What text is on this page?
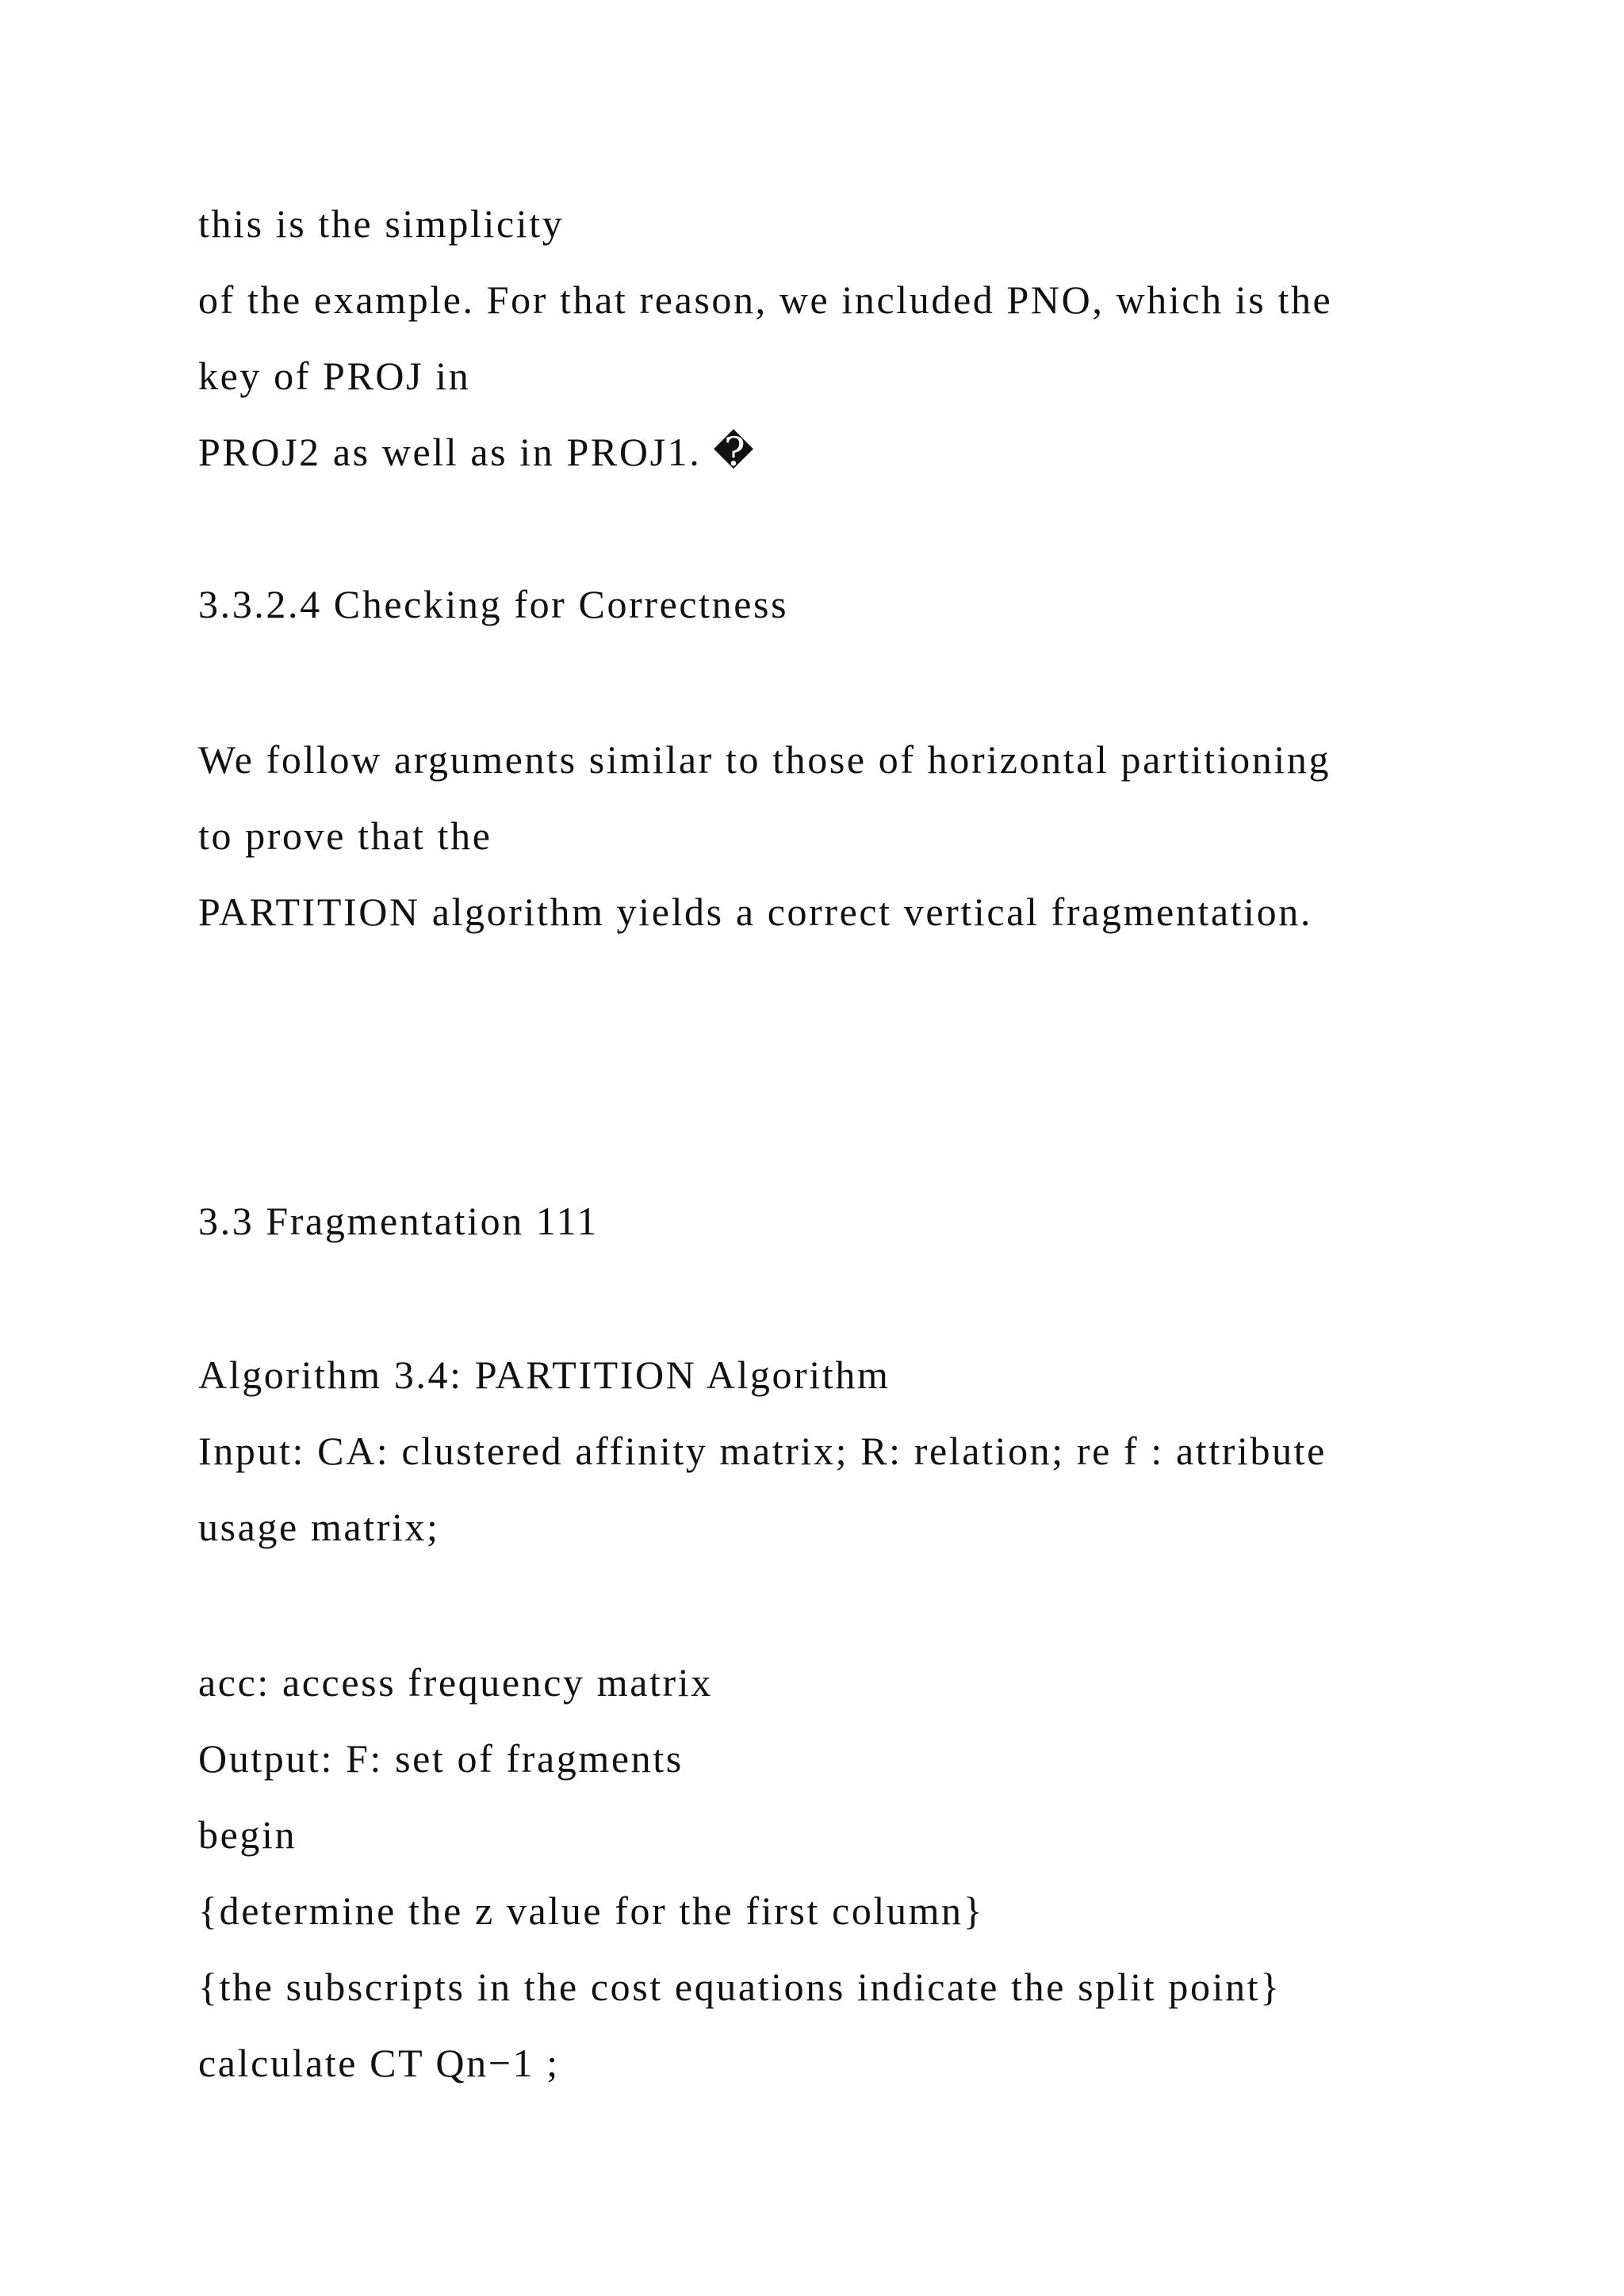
this is the simplicity

of the example. For that reason, we included PNO, which is the

key of PROJ in

PROJ2 as well as in PROJ1. �

3.3.2.4 Checking for Correctness

We follow arguments similar to those of horizontal partitioning

to prove that the

PARTITION algorithm yields a correct vertical fragmentation.

3.3 Fragmentation 111

Algorithm 3.4: PARTITION Algorithm

Input: CA: clustered affinity matrix; R: relation; re f : attribute

usage matrix;

acc: access frequency matrix

Output: F: set of fragments

begin

{determine the z value for the first column}

{the subscripts in the cost equations indicate the split point}

calculate CT Qn−1 ;
